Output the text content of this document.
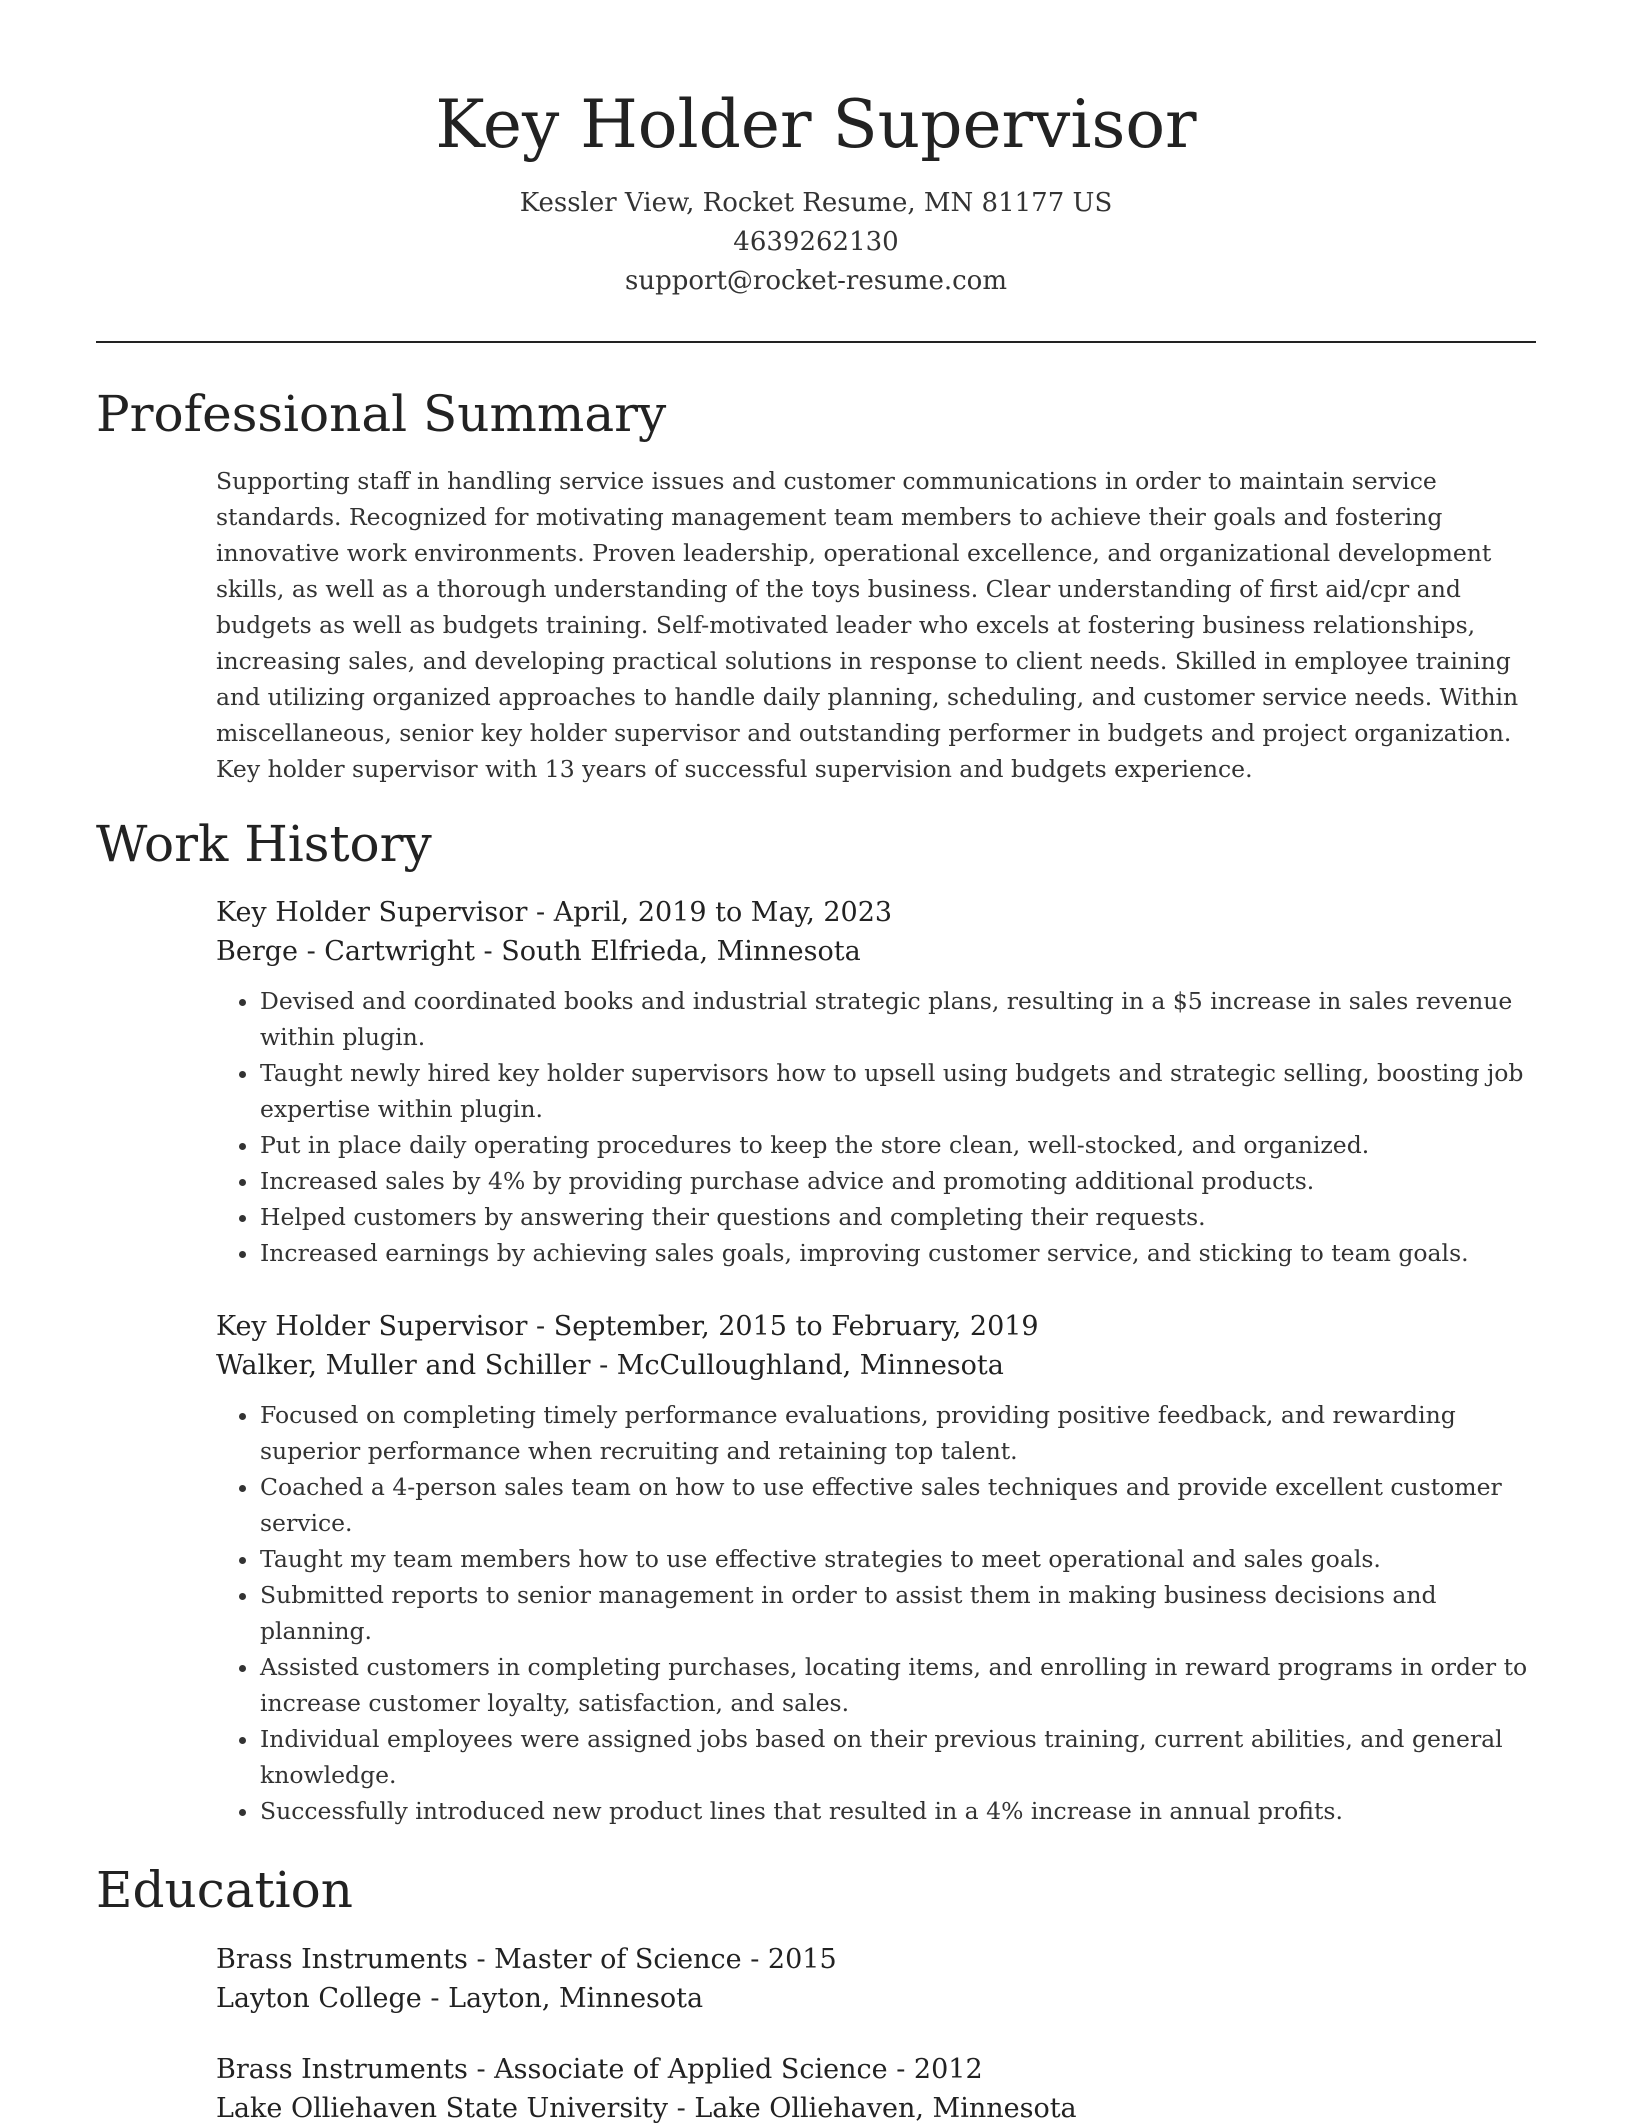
Key Holder Supervisor
Kessler View, Rocket Resume, MN 81177 US
4639262130
support@rocket-resume.com
Professional Summary

Supporting staff in handling service issues and customer communications in order to maintain service standards. Recognized for motivating management team members to achieve their goals and fostering innovative work environments. Proven leadership, operational excellence, and organizational development skills, as well as a thorough understanding of the toys business. Clear understanding of first aid/cpr and budgets as well as budgets training. Self-motivated leader who excels at fostering business relationships, increasing sales, and developing practical solutions in response to client needs. Skilled in employee training and utilizing organized approaches to handle daily planning, scheduling, and customer service needs. Within miscellaneous, senior key holder supervisor and outstanding performer in budgets and project organization. Key holder supervisor with 13 years of successful supervision and budgets experience.

Work History
Key Holder Supervisor - April, 2019 to May, 2023
Berge - Cartwright - South Elfrieda, Minnesota
• Devised and coordinated books and industrial strategic plans, resulting in a $5 increase in sales revenue within plugin.
• Taught newly hired key holder supervisors how to upsell using budgets and strategic selling, boosting job expertise within plugin.
• Put in place daily operating procedures to keep the store clean, well-stocked, and organized.
• Increased sales by 4% by providing purchase advice and promoting additional products.
• Helped customers by answering their questions and completing their requests.
• Increased earnings by achieving sales goals, improving customer service, and sticking to team goals.
Key Holder Supervisor - September, 2015 to February, 2019
Walker, Muller and Schiller - McCulloughland, Minnesota
• Focused on completing timely performance evaluations, providing positive feedback, and rewarding superior performance when recruiting and retaining top talent.
• Coached a 4-person sales team on how to use effective sales techniques and provide excellent customer service.
• Taught my team members how to use effective strategies to meet operational and sales goals.
• Submitted reports to senior management in order to assist them in making business decisions and planning.
• Assisted customers in completing purchases, locating items, and enrolling in reward programs in order to increase customer loyalty, satisfaction, and sales.
• Individual employees were assigned jobs based on their previous training, current abilities, and general knowledge.
• Successfully introduced new product lines that resulted in a 4% increase in annual profits.
Education
Brass Instruments - Master of Science - 2015
Layton College - Layton, Minnesota
Brass Instruments - Associate of Applied Science - 2012
Lake Olliehaven State University - Lake Olliehaven, Minnesota
